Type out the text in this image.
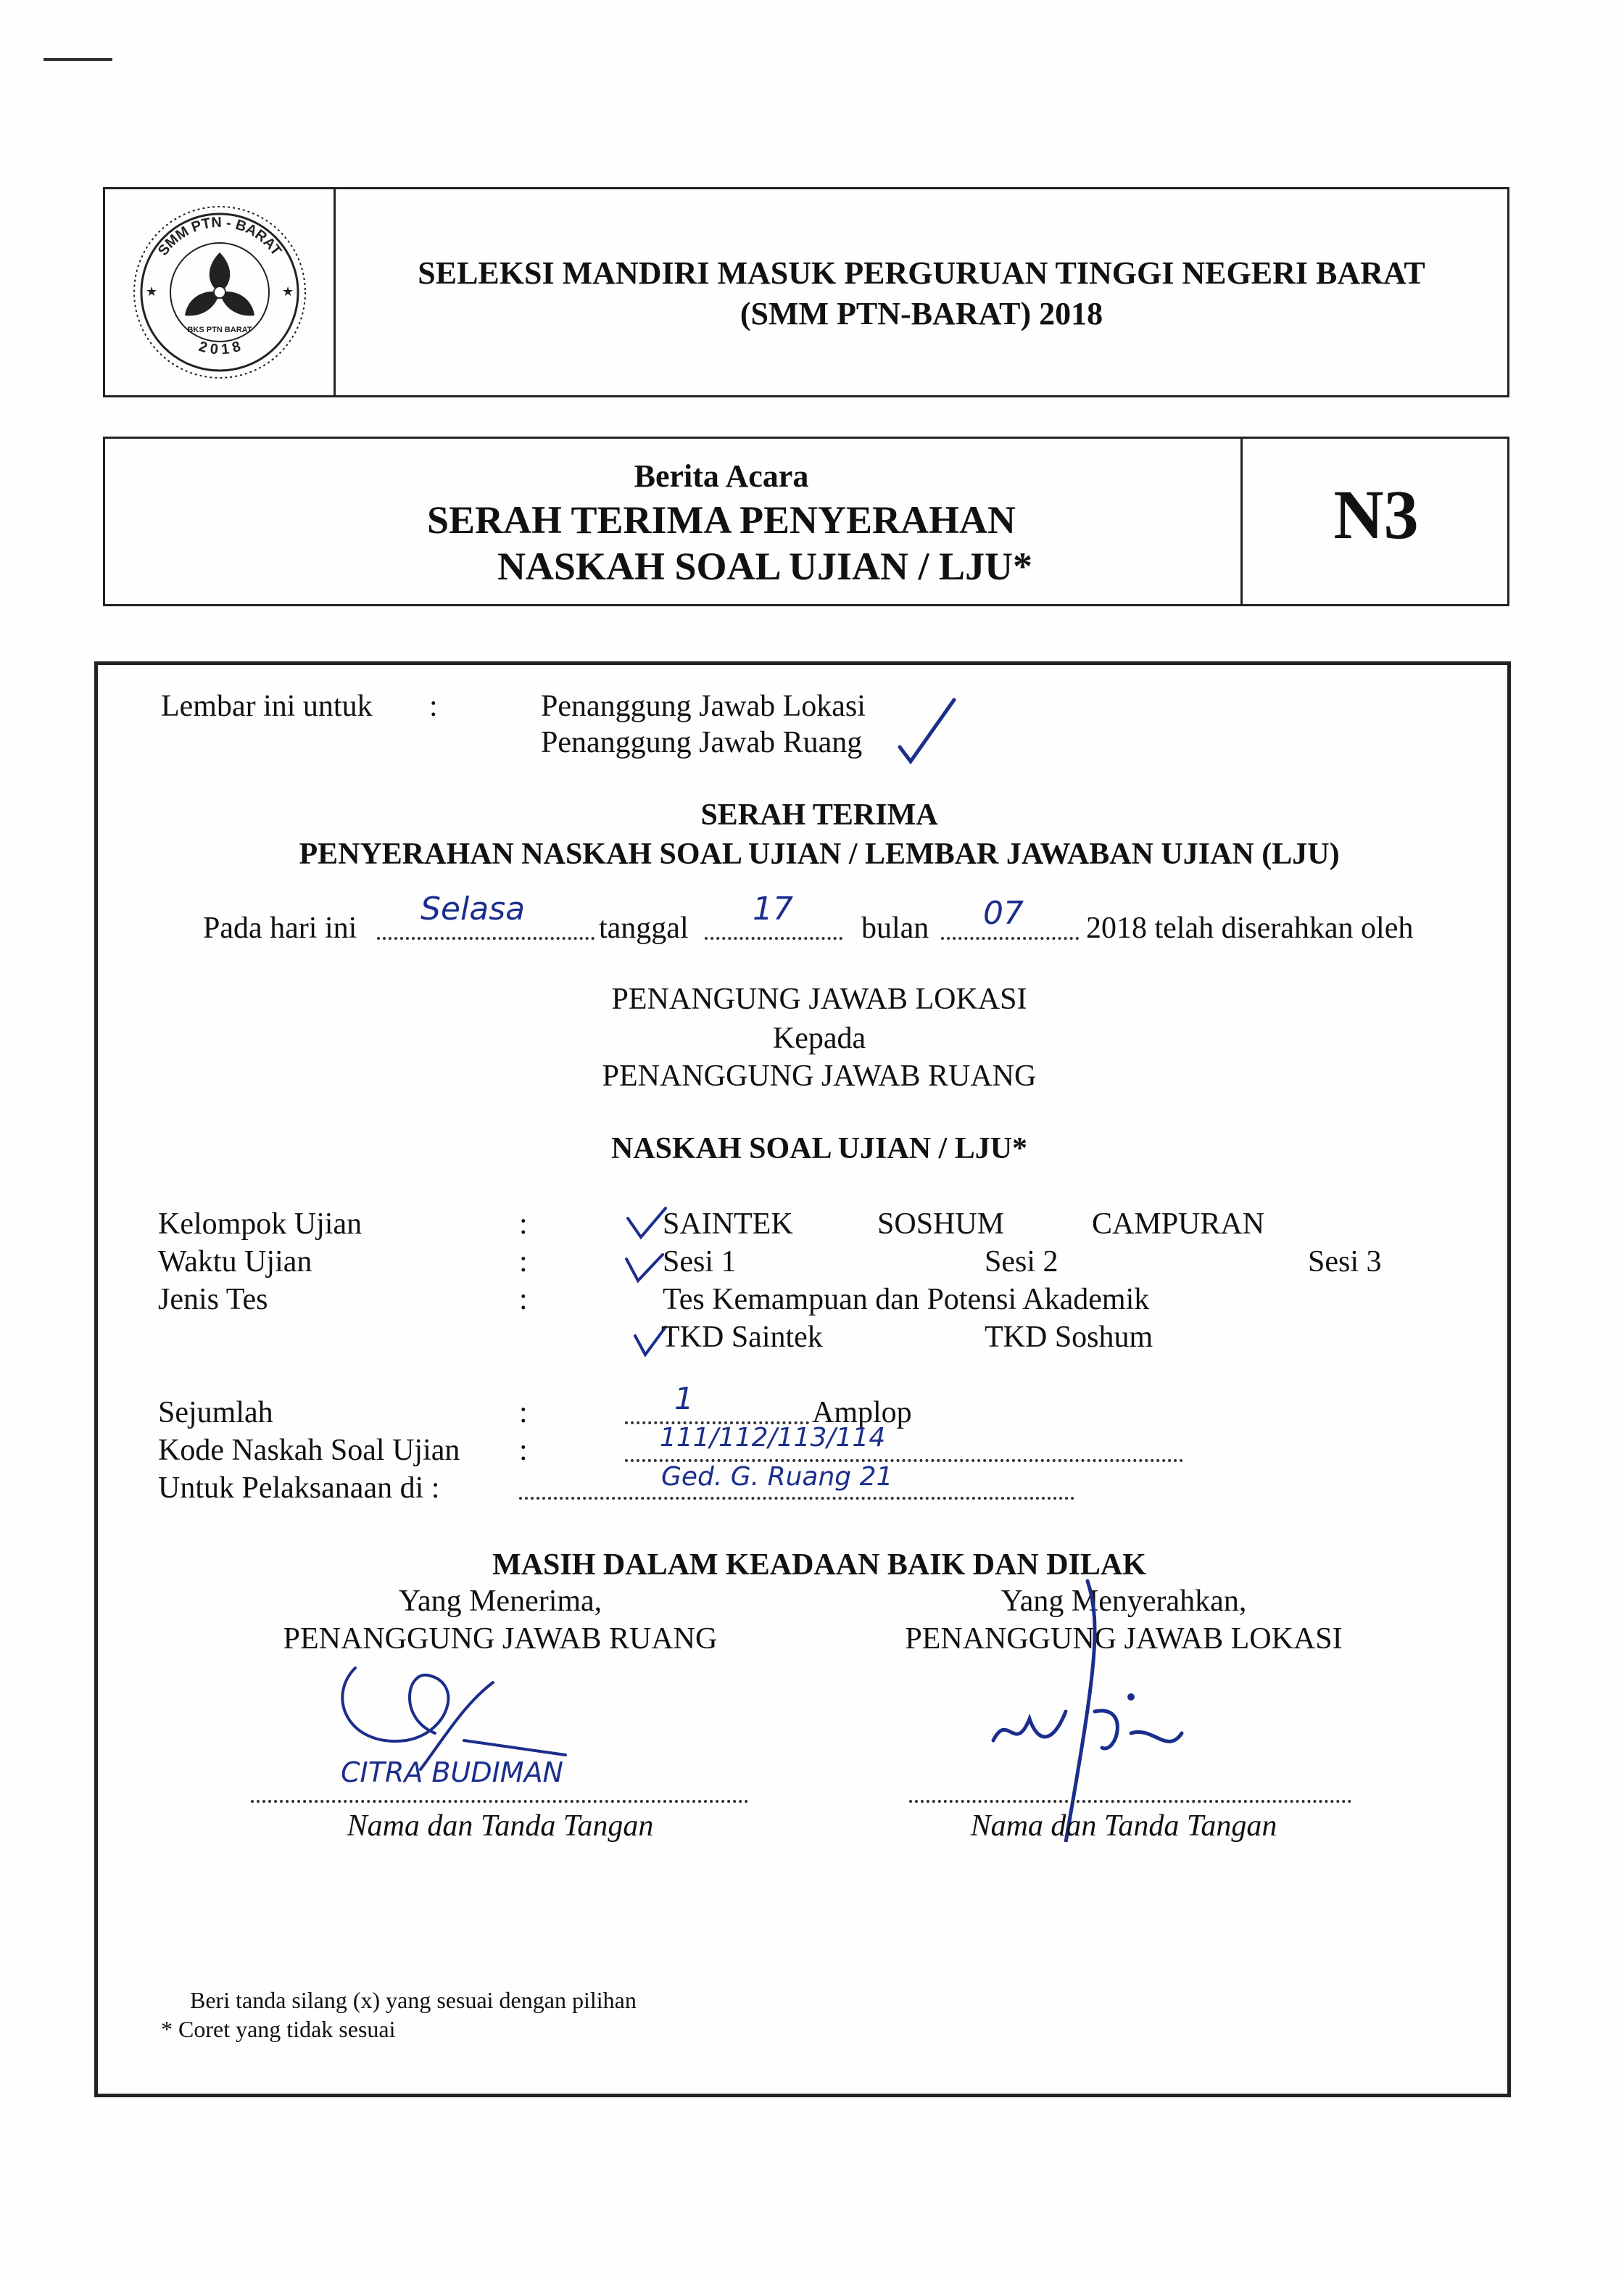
SMM PTN - BARAT
2 0 1 8
BKS PTN BARAT
★	★
SELEKSI MANDIRI MASUK PERGURUAN TINGGI NEGERI BARAT
(SMM PTN-BARAT) 2018
Berita Acara
SERAH TERIMA PENYERAHAN
NASKAH SOAL UJIAN / LJU*
N3
Lembar ini untuk :	Penanggung Jawab Lokasi
Penanggung Jawab Ruang
SERAH TERIMA
PENYERAHAN NASKAH SOAL UJIAN / LEMBAR JAWABAN UJIAN (LJU)
Pada hari ini
Selasa
tanggal
17
bulan 07 2018 telah diserahkan oleh
PENANGUNG JAWAB LOKASI
Kepada
PENANGGUNG JAWAB RUANG
NASKAH SOAL UJIAN / LJU*
Kelompok Ujian	:	SAINTEK	SOSHUM	CAMPURAN
Waktu Ujian	:	Sesi 1	Sesi 2	Sesi 3
Jenis Tes	:	Tes Kemampuan dan Potensi Akademik
TKD Saintek	TKD Soshum
Sejumlah	:	1	Amplop
Kode Naskah Soal Ujian :	111/112/113/114
Untuk Pelaksanaan di :	Ged. G. Ruang 21
MASIH DALAM KEADAAN BAIK DAN DILAK
Yang Menerima,
PENANGGUNG JAWAB RUANG
CITRA BUDIMAN
Nama dan Tanda Tangan
Yang Menyerahkan,
PENANGGUNG JAWAB LOKASI
Nama dan Tanda Tangan
Beri tanda silang (x) yang sesuai dengan pilihan
* Coret yang tidak sesuai
